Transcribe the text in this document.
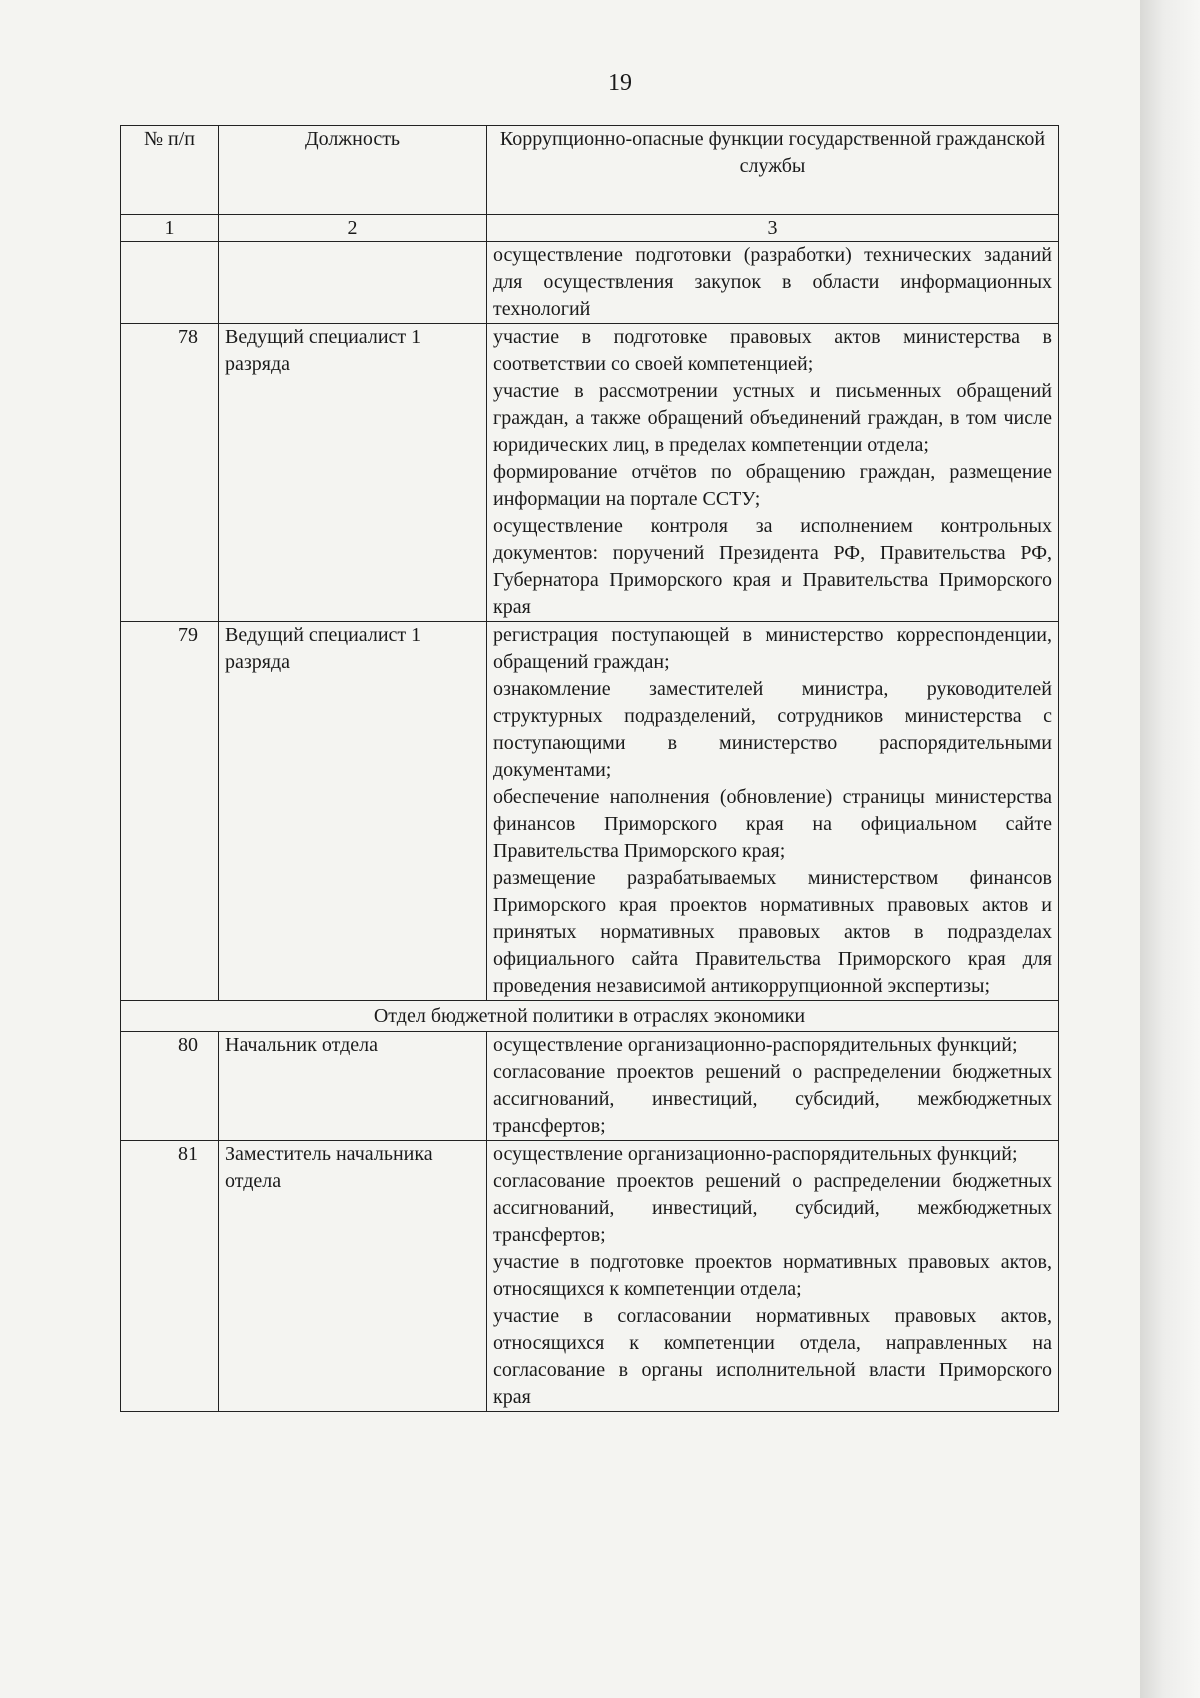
19
№ п/п	Должность	Коррупционно-опасные функции государственной гражданской службы
1	2	3

		осуществление подготовки (разработки) технических заданий для осуществления закупок в области информационных технологий

78	Ведущий специалист 1 разряда	участие в подготовке правовых актов министерства в соответствии со своей компетенцией;
участие в рассмотрении устных и письменных обращений граждан, а также обращений объединений граждан, в том числе юридических лиц, в пределах компетенции отдела;
формирование отчётов по обращению граждан, размещение информации на портале ССТУ;
осуществление контроля за исполнением контрольных документов: поручений Президента РФ, Правительства РФ, Губернатора Приморского края и Правительства Приморского края

79	Ведущий специалист 1 разряда	регистрация поступающей в министерство корреспонденции, обращений граждан;
ознакомление заместителей министра, руководителей структурных подразделений, сотрудников министерства с поступающими в министерство распорядительными документами;
обеспечение наполнения (обновление) страницы министерства финансов Приморского края на официальном сайте Правительства Приморского края;
размещение разрабатываемых министерством финансов Приморского края проектов нормативных правовых актов и принятых нормативных правовых актов в подразделах официального сайта Правительства Приморского края для проведения независимой антикоррупционной экспертизы;

Отдел бюджетной политики в отраслях экономики		
80	Начальник отдела	осуществление организационно-распорядительных функций;
согласование проектов решений о распределении бюджетных ассигнований, инвестиций, субсидий, межбюджетных трансфертов;

81	Заместитель начальника отдела	осуществление организационно-распорядительных функций;
согласование проектов решений о распределении бюджетных ассигнований, инвестиций, субсидий, межбюджетных трансфертов;
участие в подготовке проектов нормативных правовых актов, относящихся к компетенции отдела;
участие в согласовании нормативных правовых актов, относящихся к компетенции отдела, направленных на согласование в органы исполнительной власти Приморского края
